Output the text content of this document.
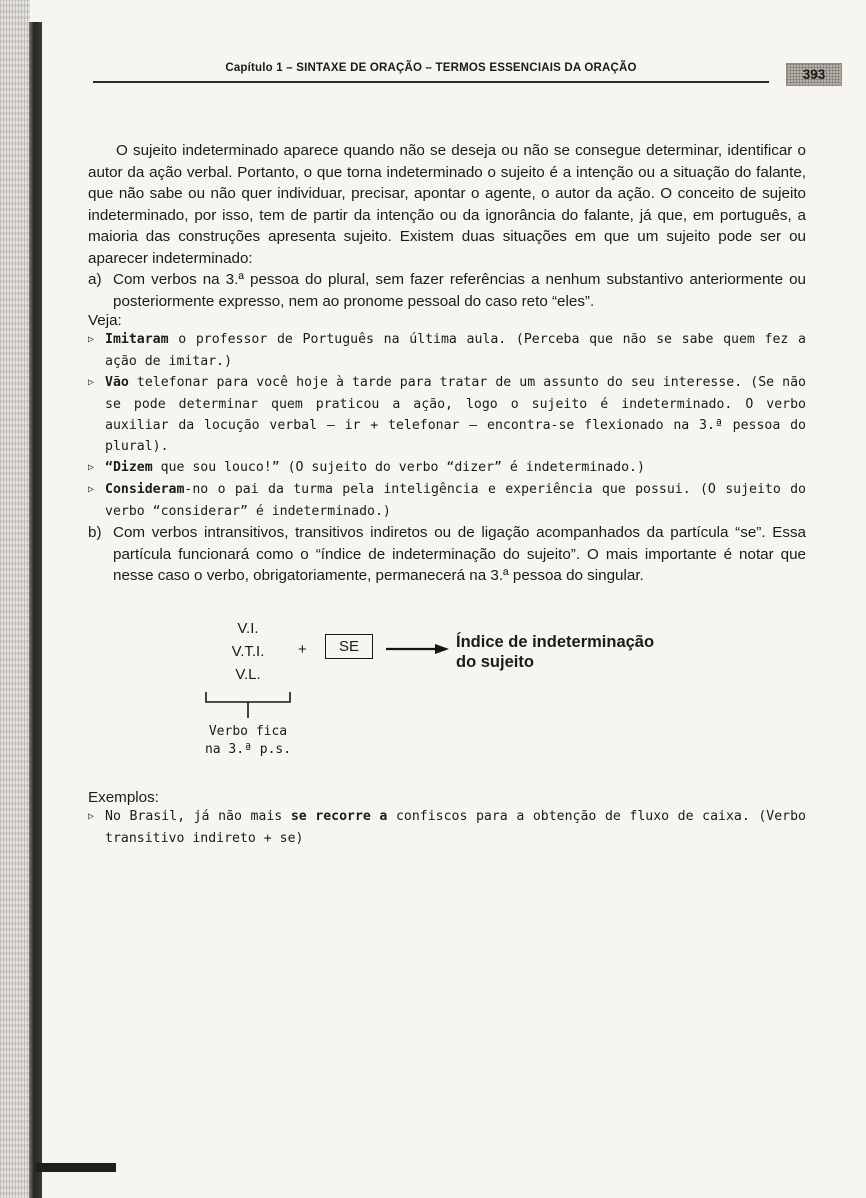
Capítulo 1 – SINTAXE DE ORAÇÃO – TERMOS ESSENCIAIS DA ORAÇÃO	393

O sujeito indeterminado aparece quando não se deseja ou não se consegue determinar, identificar o autor da ação verbal. Portanto, o que torna indeterminado o sujeito é a intenção ou a situação do falante, que não sabe ou não quer individuar, precisar, apontar o agente, o autor da ação. O conceito de sujeito indeterminado, por isso, tem de partir da intenção ou da ignorância do falante, já que, em português, a maioria das construções apresenta sujeito. Existem duas situações em que um sujeito pode ser ou aparecer indeterminado:

a) Com verbos na 3.ª pessoa do plural, sem fazer referências a nenhum substantivo anteriormente ou posteriormente expresso, nem ao pronome pessoal do caso reto “eles”.

Veja:

▷ Imitaram o professor de Português na última aula. (Perceba que não se sabe quem fez a ação de imitar.)

▷ Vão telefonar para você hoje à tarde para tratar de um assunto do seu interesse. (Se não se pode determinar quem praticou a ação, logo o sujeito é indeterminado. O verbo auxiliar da locução verbal – ir + telefonar – encontra-se flexionado na 3.ª pessoa do plural).

▷ “Dizem que sou louco!” (O sujeito do verbo “dizer” é indeterminado.)

▷ Consideram-no o pai da turma pela inteligência e experiência que possui. (O sujeito do verbo “considerar” é indeterminado.)

b) Com verbos intransitivos, transitivos indiretos ou de ligação acompanhados da partícula “se”. Essa partícula funcionará como o “índice de indeterminação do sujeito”. O mais importante é notar que nesse caso o verbo, obrigatoriamente, permanecerá na 3.ª pessoa do singular.

V.I.
V.T.I.
V.L.
+	SE	Índice de indeterminação
do sujeito
Verbo fica
na 3.ª p.s.

Exemplos:

▷ No Brasil, já não mais se recorre a confiscos para a obtenção de fluxo de caixa. (Verbo transitivo indireto + se)
